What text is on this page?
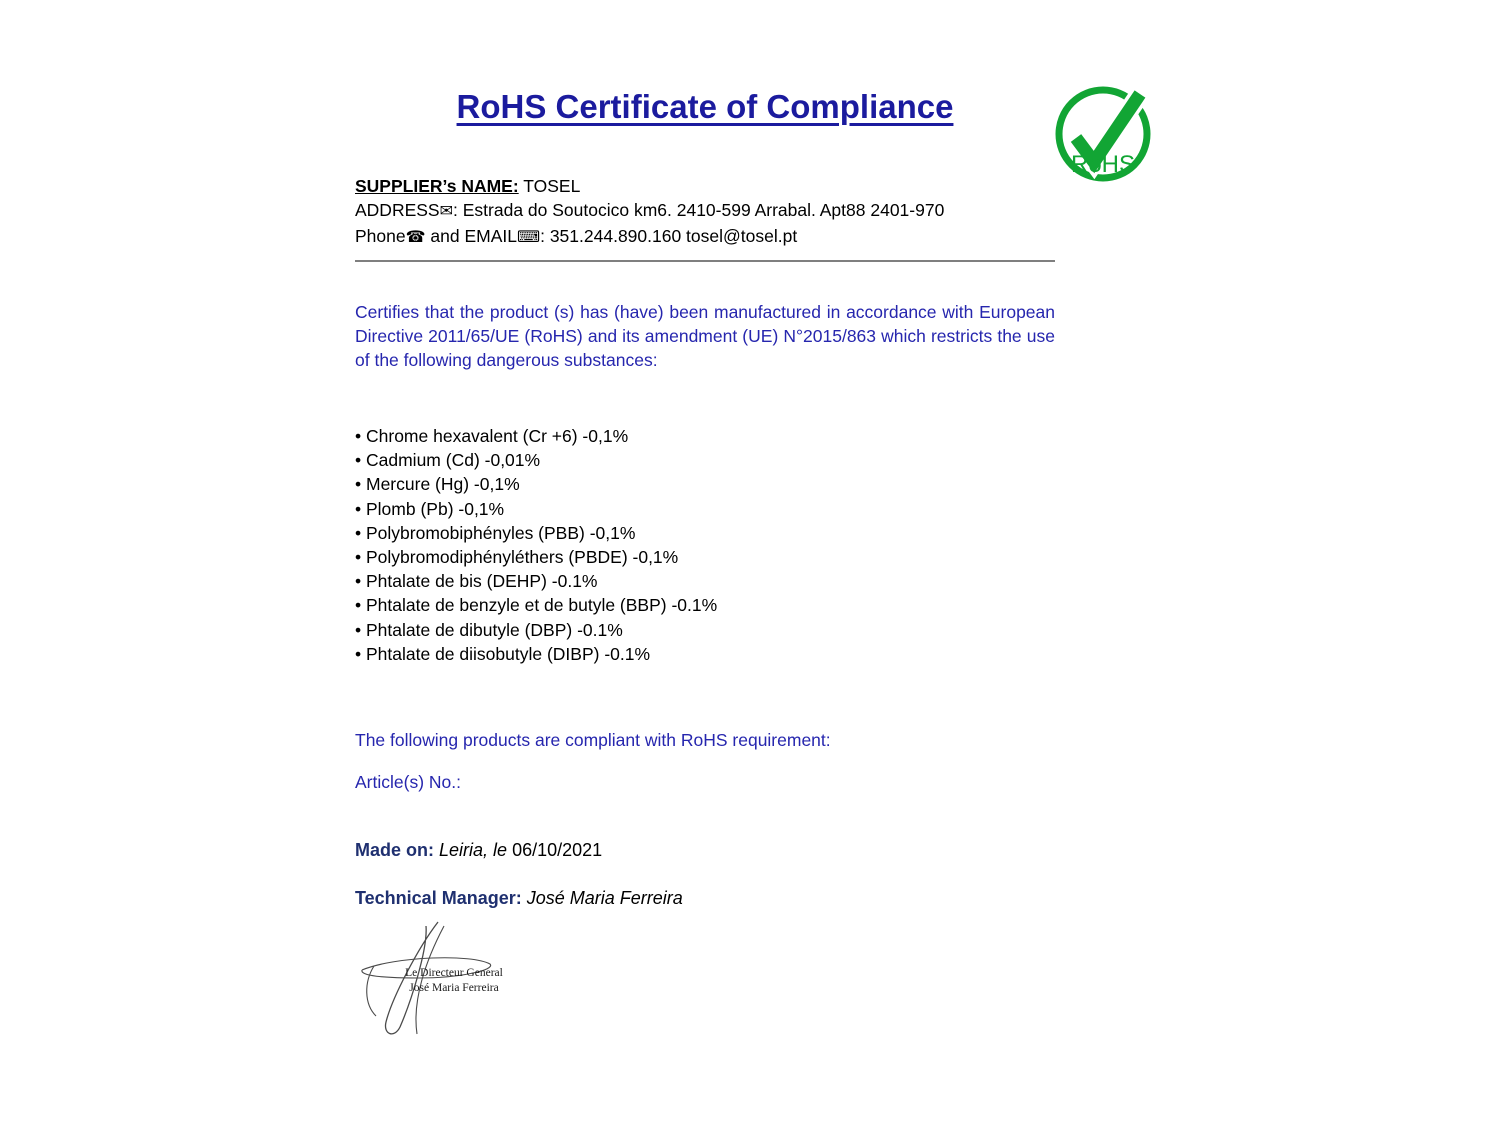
RoHS Certificate of Compliance
RoHS

SUPPLIER’s NAME: TOSEL

ADDRESS✉: Estrada do Soutocico km6. 2410-599 Arrabal. Apt88 2401-970

Phone☎ and EMAIL⌨: 351.244.890.160 tosel@tosel.pt

Certifies that the product (s) has (have) been manufactured in accordance with European Directive 2011/65/UE (RoHS) and its amendment (UE) N°2015/863 which restricts the use of the following dangerous substances:

• Chrome hexavalent (Cr +6) -0,1%
• Cadmium (Cd) -0,01%
• Mercure (Hg) -0,1%
• Plomb (Pb) -0,1%
• Polybromobiphényles (PBB) -0,1%
• Polybromodiphényléthers (PBDE) -0,1%
• Phtalate de bis (DEHP) -0.1%
• Phtalate de benzyle et de butyle (BBP) -0.1%
• Phtalate de dibutyle (DBP) -0.1%
• Phtalate de diisobutyle (DIBP) -0.1%

The following products are compliant with RoHS requirement:

Article(s) No.:

Made on: Leiria, le 06/10/2021

Technical Manager: José Maria Ferreira

Le Directeur General

José Maria Ferreira
